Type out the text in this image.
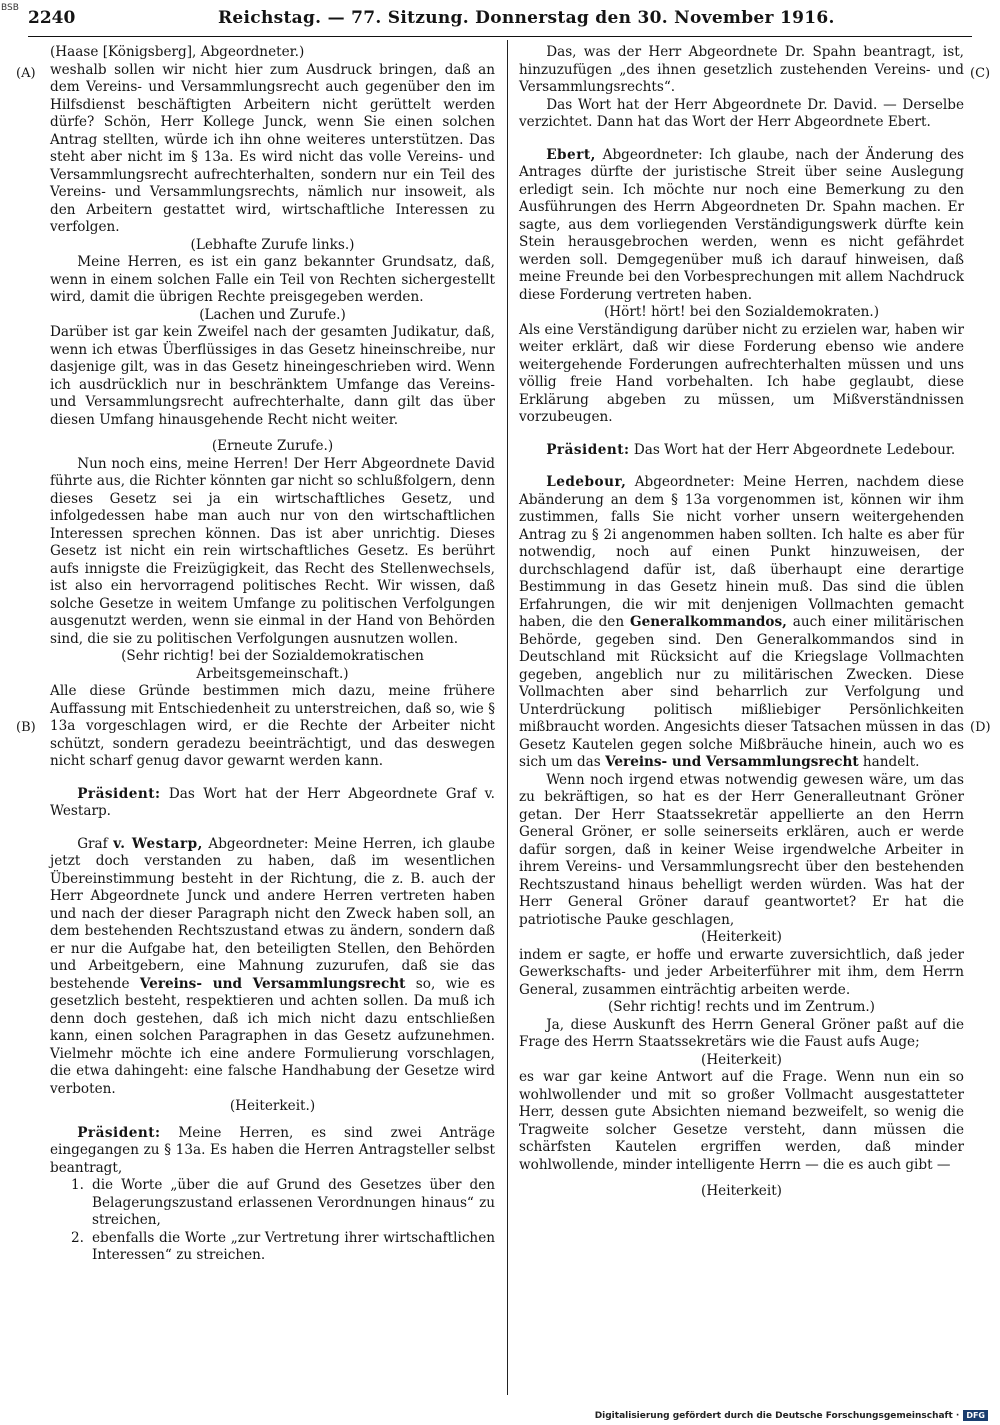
BSB 2240	Reichstag. — 77. Sitzung. Donnerstag den 30. November 1916.
(A)
(B)
(C)
(D)

(Haase [Königsberg], Abgeordneter.)

weshalb sollen wir nicht hier zum Ausdruck bringen, daß an dem Vereins- und Versammlungsrecht auch gegenüber den im Hilfsdienst beschäftigten Arbeitern nicht gerüttelt werden dürfe? Schön, Herr Kollege Junck, wenn Sie einen solchen Antrag stellten, würde ich ihn ohne weiteres unterstützen. Das steht aber nicht im § 13a. Es wird nicht das volle Vereins- und Versammlungsrecht aufrechterhalten, sondern nur ein Teil des Vereins- und Versammlungsrechts, nämlich nur insoweit, als den Arbeitern gestattet wird, wirtschaftliche Interessen zu verfolgen.

(Lebhafte Zurufe links.)

Meine Herren, es ist ein ganz bekannter Grundsatz, daß, wenn in einem solchen Falle ein Teil von Rechten sichergestellt wird, damit die übrigen Rechte preisgegeben werden.

(Lachen und Zurufe.)

Darüber ist gar kein Zweifel nach der gesamten Judikatur, daß, wenn ich etwas Überflüssiges in das Gesetz hineinschreibe, nur dasjenige gilt, was in das Gesetz hineingeschrieben wird. Wenn ich ausdrücklich nur in beschränktem Umfange das Vereins- und Versammlungsrecht aufrechterhalte, dann gilt das über diesen Umfang hinausgehende Recht nicht weiter.

(Erneute Zurufe.)

Nun noch eins, meine Herren! Der Herr Abgeordnete David führte aus, die Richter könnten gar nicht so schlußfolgern, denn dieses Gesetz sei ja ein wirtschaftliches Gesetz, und infolgedessen habe man auch nur von den wirtschaftlichen Interessen sprechen können. Das ist aber unrichtig. Dieses Gesetz ist nicht ein rein wirtschaftliches Gesetz. Es berührt aufs innigste die Freizügigkeit, das Recht des Stellenwechsels, ist also ein hervorragend politisches Recht. Wir wissen, daß solche Gesetze in weitem Umfange zu politischen Verfolgungen ausgenutzt werden, wenn sie einmal in der Hand von Behörden sind, die sie zu politischen Verfolgungen ausnutzen wollen.

(Sehr richtig! bei der Sozialdemokratischen Arbeitsgemeinschaft.)

Alle diese Gründe bestimmen mich dazu, meine frühere Auffassung mit Entschiedenheit zu unterstreichen, daß so, wie § 13a vorgeschlagen wird, er die Rechte der Arbeiter nicht schützt, sondern geradezu beeinträchtigt, und das deswegen nicht scharf genug davor gewarnt werden kann.

Präsident: Das Wort hat der Herr Abgeordnete Graf v. Westarp.

Graf v. Westarp, Abgeordneter: Meine Herren, ich glaube jetzt doch verstanden zu haben, daß im wesentlichen Übereinstimmung besteht in der Richtung, die z. B. auch der Herr Abgeordnete Junck und andere Herren vertreten haben und nach der dieser Paragraph nicht den Zweck haben soll, an dem bestehenden Rechtszustand etwas zu ändern, sondern daß er nur die Aufgabe hat, den beteiligten Stellen, den Behörden und Arbeitgebern, eine Mahnung zuzurufen, daß sie das bestehende Vereins- und Versammlungsrecht so, wie es gesetzlich besteht, respektieren und achten sollen. Da muß ich denn doch gestehen, daß ich mich nicht dazu entschließen kann, einen solchen Paragraphen in das Gesetz aufzunehmen. Vielmehr möchte ich eine andere Formulierung vorschlagen, die etwa dahingeht: eine falsche Handhabung der Gesetze wird verboten.

(Heiterkeit.)

Präsident: Meine Herren, es sind zwei Anträge eingegangen zu § 13a. Es haben die Herren Antragsteller selbst beantragt,

1. die Worte „über die auf Grund des Gesetzes über den Belagerungszustand erlassenen Verordnungen hinaus“ zu streichen,
2. ebenfalls die Worte „zur Vertretung ihrer wirtschaftlichen Interessen“ zu streichen.

Das, was der Herr Abgeordnete Dr. Spahn beantragt, ist, hinzuzufügen „des ihnen gesetzlich zustehenden Vereins- und Versammlungsrechts“.

Das Wort hat der Herr Abgeordnete Dr. David. — Derselbe verzichtet. Dann hat das Wort der Herr Abgeordnete Ebert.

Ebert, Abgeordneter: Ich glaube, nach der Änderung des Antrages dürfte der juristische Streit über seine Auslegung erledigt sein. Ich möchte nur noch eine Bemerkung zu den Ausführungen des Herrn Abgeordneten Dr. Spahn machen. Er sagte, aus dem vorliegenden Verständigungswerk dürfte kein Stein herausgebrochen werden, wenn es nicht gefährdet werden soll. Demgegenüber muß ich darauf hinweisen, daß meine Freunde bei den Vorbesprechungen mit allem Nachdruck diese Forderung vertreten haben.

(Hört! hört! bei den Sozialdemokraten.)

Als eine Verständigung darüber nicht zu erzielen war, haben wir weiter erklärt, daß wir diese Forderung ebenso wie andere weitergehende Forderungen aufrechterhalten müssen und uns völlig freie Hand vorbehalten. Ich habe geglaubt, diese Erklärung abgeben zu müssen, um Mißverständnissen vorzubeugen.

Präsident: Das Wort hat der Herr Abgeordnete Ledebour.

Ledebour, Abgeordneter: Meine Herren, nachdem diese Abänderung an dem § 13a vorgenommen ist, können wir ihm zustimmen, falls Sie nicht vorher unsern weitergehenden Antrag zu § 2i angenommen haben sollten. Ich halte es aber für notwendig, noch auf einen Punkt hinzuweisen, der durchschlagend dafür ist, daß überhaupt eine derartige Bestimmung in das Gesetz hinein muß. Das sind die üblen Erfahrungen, die wir mit denjenigen Vollmachten gemacht haben, die den Generalkommandos, auch einer militärischen Behörde, gegeben sind. Den Generalkommandos sind in Deutschland mit Rücksicht auf die Kriegslage Vollmachten gegeben, angeblich nur zu militärischen Zwecken. Diese Vollmachten aber sind beharrlich zur Verfolgung und Unterdrückung politisch mißliebiger Persönlichkeiten mißbraucht worden. Angesichts dieser Tatsachen müssen in das Gesetz Kautelen gegen solche Mißbräuche hinein, auch wo es sich um das Vereins- und Versammlungsrecht handelt.

Wenn noch irgend etwas notwendig gewesen wäre, um das zu bekräftigen, so hat es der Herr Generalleutnant Gröner getan. Der Herr Staatssekretär appellierte an den Herrn General Gröner, er solle seinerseits erklären, auch er werde dafür sorgen, daß in keiner Weise irgendwelche Arbeiter in ihrem Vereins- und Versammlungsrecht über den bestehenden Rechtszustand hinaus behelligt werden würden. Was hat der Herr General Gröner darauf geantwortet? Er hat die patriotische Pauke geschlagen,

(Heiterkeit)

indem er sagte, er hoffe und erwarte zuversichtlich, daß jeder Gewerkschafts- und jeder Arbeiterführer mit ihm, dem Herrn General, zusammen einträchtig arbeiten werde.

(Sehr richtig! rechts und im Zentrum.)

Ja, diese Auskunft des Herrn General Gröner paßt auf die Frage des Herrn Staatssekretärs wie die Faust aufs Auge;

(Heiterkeit)

es war gar keine Antwort auf die Frage. Wenn nun ein so wohlwollender und mit so großer Vollmacht ausgestatteter Herr, dessen gute Absichten niemand bezweifelt, so wenig die Tragweite solcher Gesetze versteht, dann müssen die schärfsten Kautelen ergriffen werden, daß minder wohlwollende, minder intelligente Herrn — die es auch gibt —

(Heiterkeit)

Digitalisierung gefördert durch die Deutsche Forschungsgemeinschaft · DFG
